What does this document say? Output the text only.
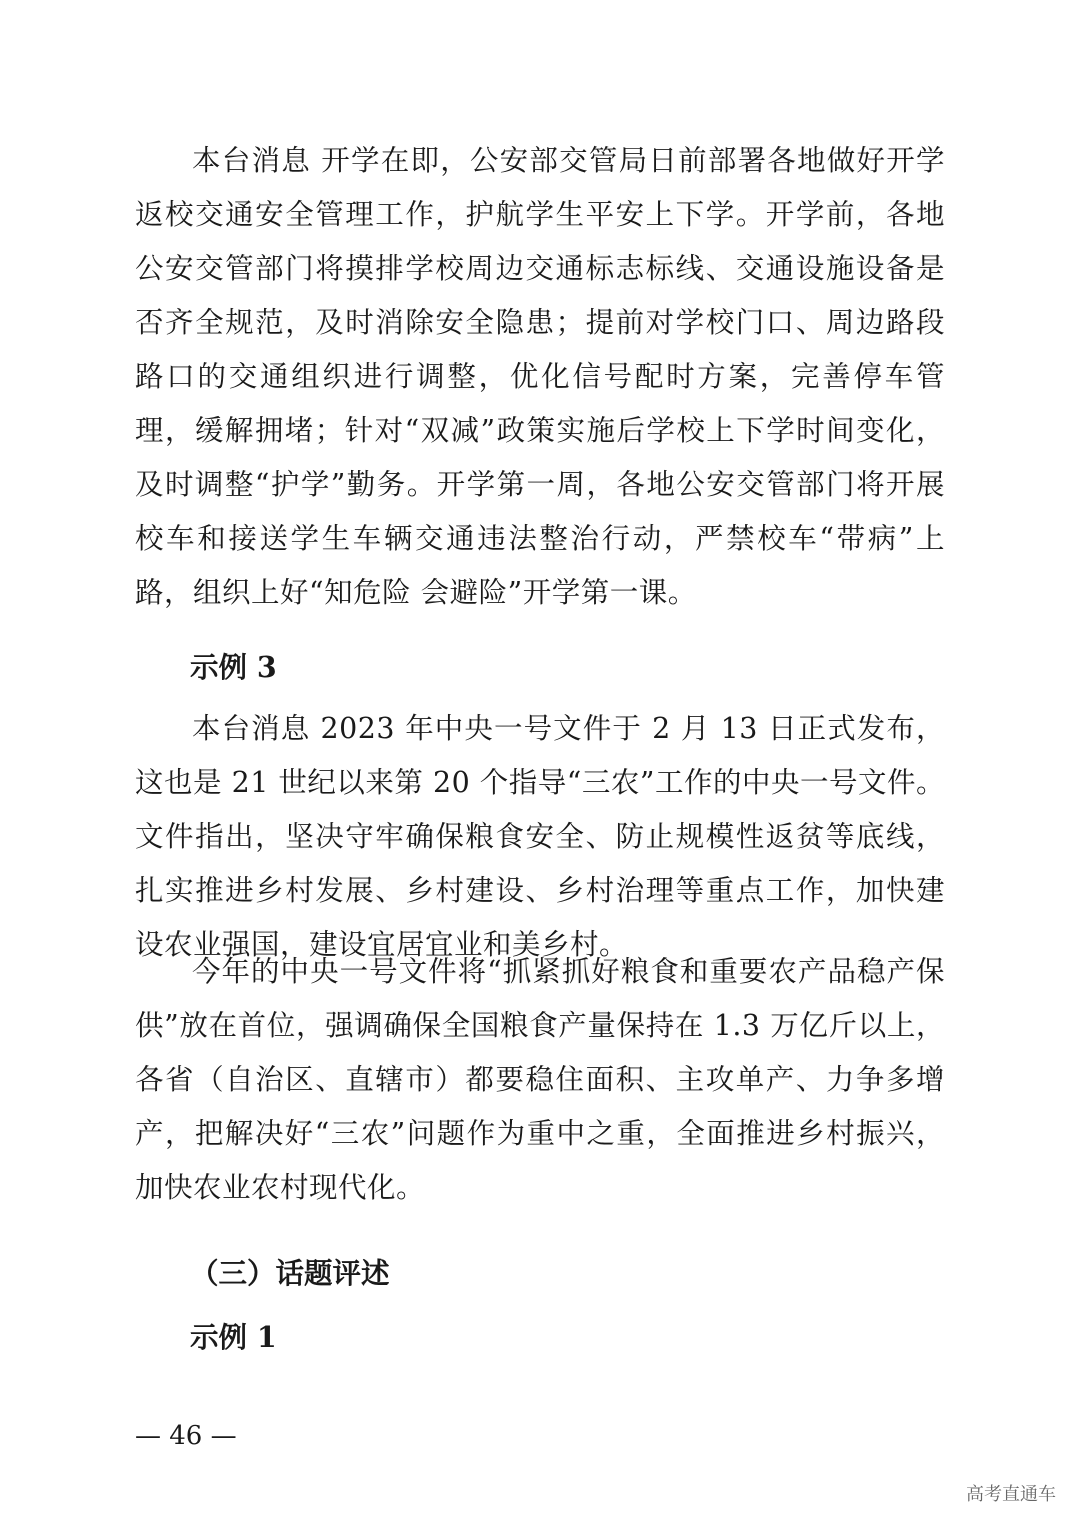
本台消息 开学在即，公安部交管局日前部署各地做好开学返校交通安全管理工作，护航学生平安上下学。开学前，各地公安交管部门将摸排学校周边交通标志标线、交通设施设备是否齐全规范，及时消除安全隐患；提前对学校门口、周边路段路口的交通组织进行调整，优化信号配时方案，完善停车管理，缓解拥堵；针对“双减”政策实施后学校上下学时间变化，及时调整“护学”勤务。开学第一周，各地公安交管部门将开展校车和接送学生车辆交通违法整治行动，严禁校车“带病”上路，组织上好“知危险 会避险”开学第一课。

示例 3

本台消息 2023 年中央一号文件于 2 月 13 日正式发布，这也是 21 世纪以来第 20 个指导“三农”工作的中央一号文件。文件指出，坚决守牢确保粮食安全、防止规模性返贫等底线，扎实推进乡村发展、乡村建设、乡村治理等重点工作，加快建设农业强国，建设宜居宜业和美乡村。

今年的中央一号文件将“抓紧抓好粮食和重要农产品稳产保供”放在首位，强调确保全国粮食产量保持在 1.3 万亿斤以上，各省（自治区、直辖市）都要稳住面积、主攻单产、力争多增产，把解决好“三农”问题作为重中之重，全面推进乡村振兴，加快农业农村现代化。

（三）话题评述

示例 1

— 46 —

高考直通车
